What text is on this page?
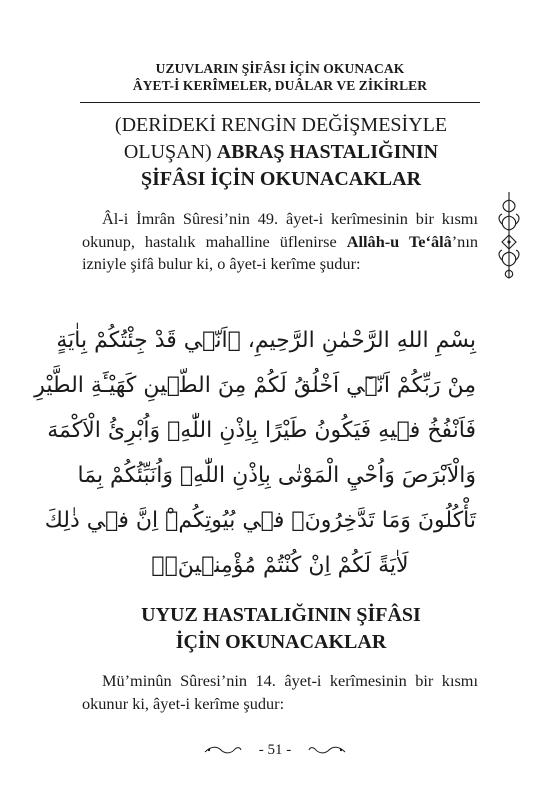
UZUVLARIN ŞİFÂSI İÇİN OKUNACAK
ÂYET-İ KERÎMELER, DUÂLAR VE ZİKİRLER
(DERİDEKİ RENGİN DEĞİŞMESİYLE
OLUŞAN) ABRAŞ HASTALIĞININ
ŞİFÂSI İÇİN OKUNACAKLAR

Âl-i İmrân Sûresi’nin 49. âyet-i kerîmesinin bir kısmı okunup, hastalık mahalline üflenirse Allâh-u Te‘âlâ’nın izniyle şifâ bulur ki, o âyet-i kerîme şudur:

بِسْمِ اللهِ الرَّحْمٰنِ الرَّحِيمِ، ﴿اَنّ۪ي قَدْ جِئْتُكُمْ بِاٰيَةٍ
مِنْ رَبِّكُمْ اَنّ۪ٓي اَخْلُقُ لَكُمْ مِنَ الطّ۪ينِ كَهَيْـَٔةِ الطَّيْرِ
فَاَنْفُخُ ف۪يهِ فَيَكُونُ طَيْرًا بِاِذْنِ اللّٰهِۚ وَاُبْرِئُ الْاَكْمَهَ
وَالْاَبْرَصَ وَاُحْيِ الْمَوْتٰى بِاِذْنِ اللّٰهِۚ وَاُنَبِّئُكُمْ بِمَا
تَأْكُلُونَ وَمَا تَدَّخِرُونَۙ ف۪ي بُيُوتِكُمْۜ اِنَّ ف۪ي ذٰلِكَ
لَاٰيَةً لَكُمْ اِنْ كُنْتُمْ مُؤْمِن۪ينَۚ﴾
UYUZ HASTALIĞININ ŞİFÂSI
İÇİN OKUNACAKLAR

Mü’minûn Sûresi’nin 14. âyet-i kerîmesinin bir kısmı okunur ki, âyet-i kerîme şudur:

- 51 -
